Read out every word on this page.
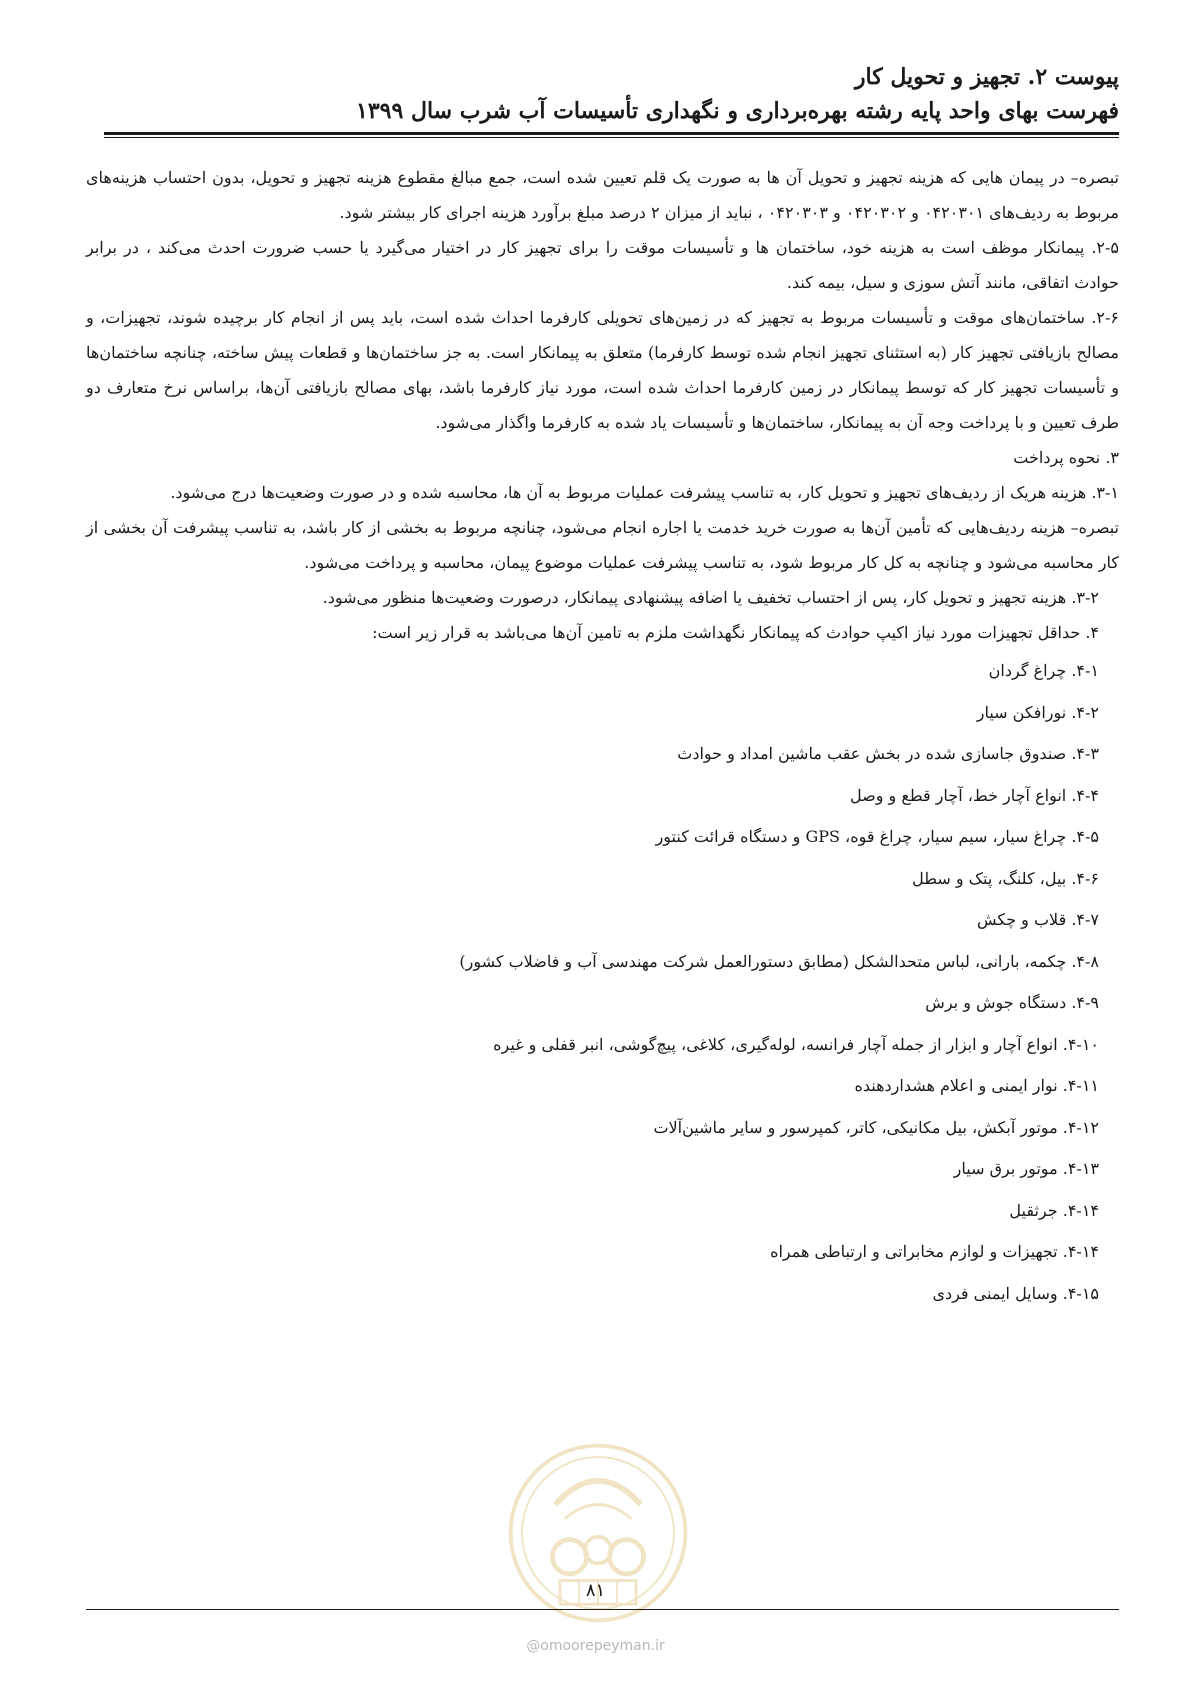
پیوست ۲. تجهیز و تحویل کار
فهرست بهای واحد پایه رشته بهره‌برداری و نگهداری تأسیسات آب شرب سال ۱۳۹۹

تبصره– در پیمان هایی که هزینه تجهیز و تحویل آن ها به صورت یک قلم تعیین شده است، جمع مبالغ مقطوع هزینه تجهیز و تحویل، بدون احتساب هزینه‌های مربوط به ردیف‌های ۰۴۲۰۳۰۱ و ۰۴۲۰۳۰۲ و ۰۴۲۰۳۰۳ ، نباید از میزان ۲ درصد مبلغ برآورد هزینه اجرای کار بیشتر شود.

۲-۵. پیمانکار موظف است به هزینه خود، ساختمان ها و تأسیسات موقت را برای تجهیز کار در اختیار می‌گیرد یا حسب ضرورت احدث می‌کند ، در برابر حوادث اتفاقی، مانند آتش سوزی و سیل، بیمه کند.

۲-۶. ساختمان‌های موقت و تأسیسات مربوط به تجهیز که در زمین‌های تحویلی کارفرما احداث شده است، باید پس از انجام کار برچیده شوند، تجهیزات، و مصالح بازیافتی تجهیز کار (به استثنای تجهیز انجام شده توسط کارفرما) متعلق به پیمانکار است. به جز ساختمان‌ها و قطعات پیش ساخته، چنانچه ساختمان‌ها و تأسیسات تجهیز کار که توسط پیمانکار در زمین کارفرما احداث شده است، مورد نیاز کارفرما باشد، بهای مصالح بازیافتی آن‌ها، براساس نرخ متعارف دو طرف تعیین و با پرداخت وجه آن به پیمانکار، ساختمان‌ها و تأسیسات یاد شده به کارفرما واگذار می‌شود.

۳. نحوه پرداخت

۳-۱. هزینه هریک از ردیف‌های تجهیز و تحویل کار، به تناسب پیشرفت عملیات مربوط به آن ها، محاسبه شده و در صورت وضعیت‌ها درج می‌شود.

تبصره– هزینه ردیف‌هایی که تأمین آن‌ها به صورت خرید خدمت یا اجاره انجام می‌شود، چنانچه مربوط به بخشی از کار باشد، به تناسب پیشرفت آن بخشی از کار محاسبه می‌شود و چنانچه به کل کار مربوط شود، به تناسب پیشرفت عملیات موضوع پیمان، محاسبه و پرداخت می‌شود.

۳-۲. هزینه تجهیز و تحویل کار، پس از احتساب تخفیف یا اضافه پیشنهادی پیمانکار، درصورت وضعیت‌ها منظور می‌شود.

۴. حداقل تجهیزات مورد نیاز اکیپ حوادث که پیمانکار نگهداشت ملزم به تامین آن‌ها می‌باشد به قرار زیر است:

۴-۱. چراغ گردان
۴-۲. نورافکن سیار
۴-۳. صندوق جاسازی شده در بخش عقب ماشین امداد و حوادث
۴-۴. انواع آچار خط، آچار قطع و وصل
۴-۵. چراغ سیار، سیم سیار، چراغ قوه، GPS و دستگاه قرائت کنتور
۴-۶. بیل، کلنگ، پتک و سطل
۴-۷. قلاب و چکش
۴-۸. چکمه، بارانی، لباس متحدالشکل (مطابق دستورالعمل شرکت مهندسی آب و فاضلاب کشور)
۴-۹. دستگاه جوش و برش
۴-۱۰. انواع آچار و ابزار از جمله آچار فرانسه، لوله‌گیری، کلاغی، پیچ‌گوشی، انبر قفلی و غیره
۴-۱۱. نوار ایمنی و اعلام هشداردهنده
۴-۱۲. موتور آبکش، بیل مکانیکی، کاتر، کمپرسور و سایر ماشین‌آلات
۴-۱۳. موتور برق سیار
۴-۱۴. جرثقیل
۴-۱۴. تجهیزات و لوازم مخابراتی و ارتباطی همراه
۴-۱۵. وسایل ایمنی فردی
۸۱
@omoorepeyman.ir
